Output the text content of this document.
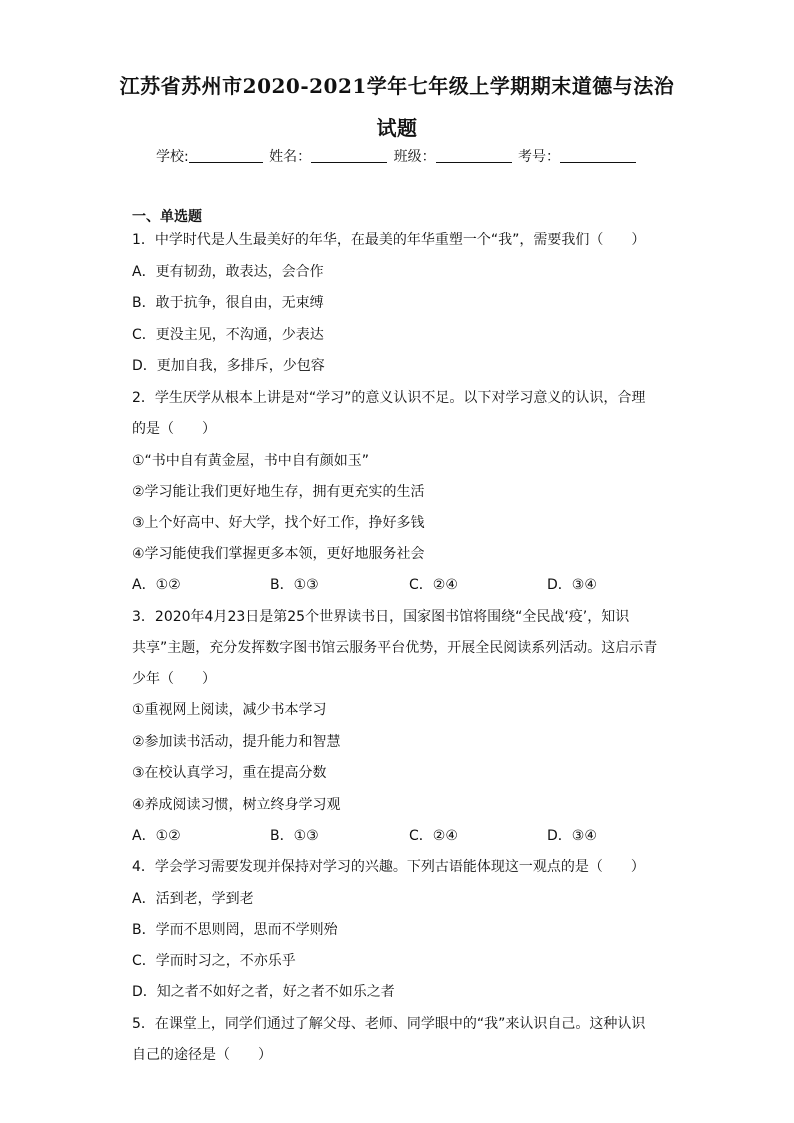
江苏省苏州市2020-2021学年七年级上学期期末道德与法治
试题
学校:	姓名：	班级：	考号：
一、单选题
1．中学时代是人生最美好的年华，在最美的年华重塑一个“我”，需要我们（　　）
A．更有韧劲，敢表达，会合作
B．敢于抗争，很自由，无束缚
C．更没主见，不沟通，少表达
D．更加自我，多排斥，少包容
2．学生厌学从根本上讲是对“学习”的意义认识不足。以下对学习意义的认识，合理
的是（　　）
①“书中自有黄金屋，书中自有颜如玉”
②学习能让我们更好地生存，拥有更充实的生活
③上个好高中、好大学，找个好工作，挣好多钱
④学习能使我们掌握更多本领，更好地服务社会
A．①②	B．①③	C．②④	D．③④
3．2020年4月23日是第25个世界读书日，国家图书馆将围绕“全民战‘疫’，知识
共享”主题，充分发挥数字图书馆云服务平台优势，开展全民阅读系列活动。这启示青
少年（　　）
①重视网上阅读，减少书本学习
②参加读书活动，提升能力和智慧
③在校认真学习，重在提高分数
④养成阅读习惯，树立终身学习观
A．①②	B．①③	C．②④	D．③④
4．学会学习需要发现并保持对学习的兴趣。下列古语能体现这一观点的是（　　）
A．活到老，学到老
B．学而不思则罔，思而不学则殆
C．学而时习之，不亦乐乎
D．知之者不如好之者，好之者不如乐之者
5．在课堂上，同学们通过了解父母、老师、同学眼中的“我”来认识自己。这种认识
自己的途径是（　　）
